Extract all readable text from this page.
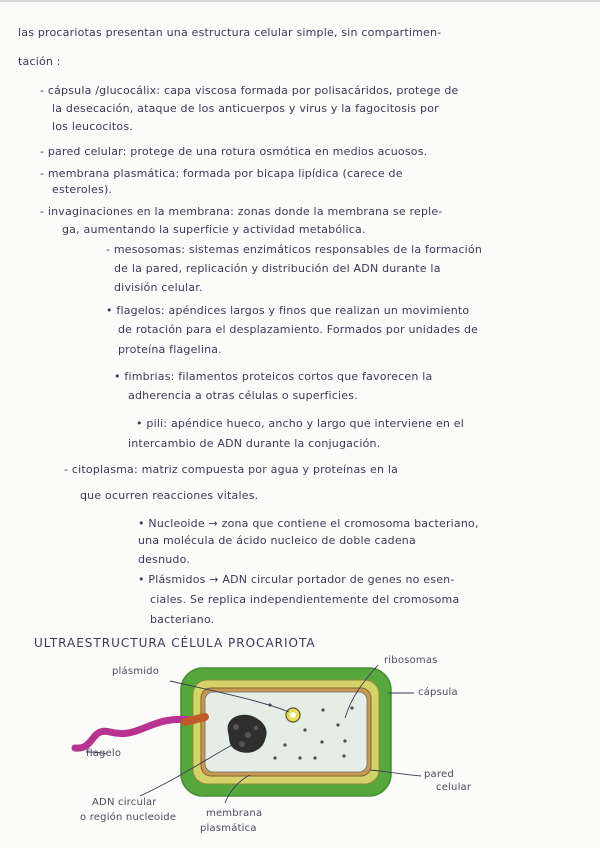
las procariotas presentan una estructura celular simple, sin compartimen-
tación :
- cápsula /glucocálix: capa viscosa formada por polisacáridos, protege de
la desecación, ataque de los anticuerpos y virus y la fagocitosis por
los leucocitos.
- pared celular: protege de una rotura osmótica en medios acuosos.
- membrana plasmática: formada por bicapa lipídica (carece de
esteroles).
- invaginaciones en la membrana: zonas donde la membrana se reple-
ga, aumentando la superficie y actividad metabólica.
- mesosomas: sistemas enzimáticos responsables de la formación
de la pared, replicación y distribución del ADN durante la
división celular.
• flagelos: apéndices largos y finos que realizan un movimiento
de rotación para el desplazamiento. Formados por unidades de
proteína flagelina.
• fimbrias: filamentos proteicos cortos que favorecen la
adherencia a otras células o superficies.
• pili: apéndice hueco, ancho y largo que interviene en el
intercambio de ADN durante la conjugación.
- citoplasma: matriz compuesta por agua y proteínas en la
que ocurren reacciones vitales.
• Nucleoide → zona que contiene el cromosoma bacteriano,
una molécula de ácido nucleico de doble cadena
desnudo.
• Plásmidos → ADN circular portador de genes no esen-
ciales. Se replica independientemente del cromosoma
bacteriano.
ULTRAESTRUCTURA CÉLULA PROCARIOTA
plásmido
ribosomas
cápsula
flagelo
pared
celular
ADN circular
o región nucleoide	membrana
plasmática
